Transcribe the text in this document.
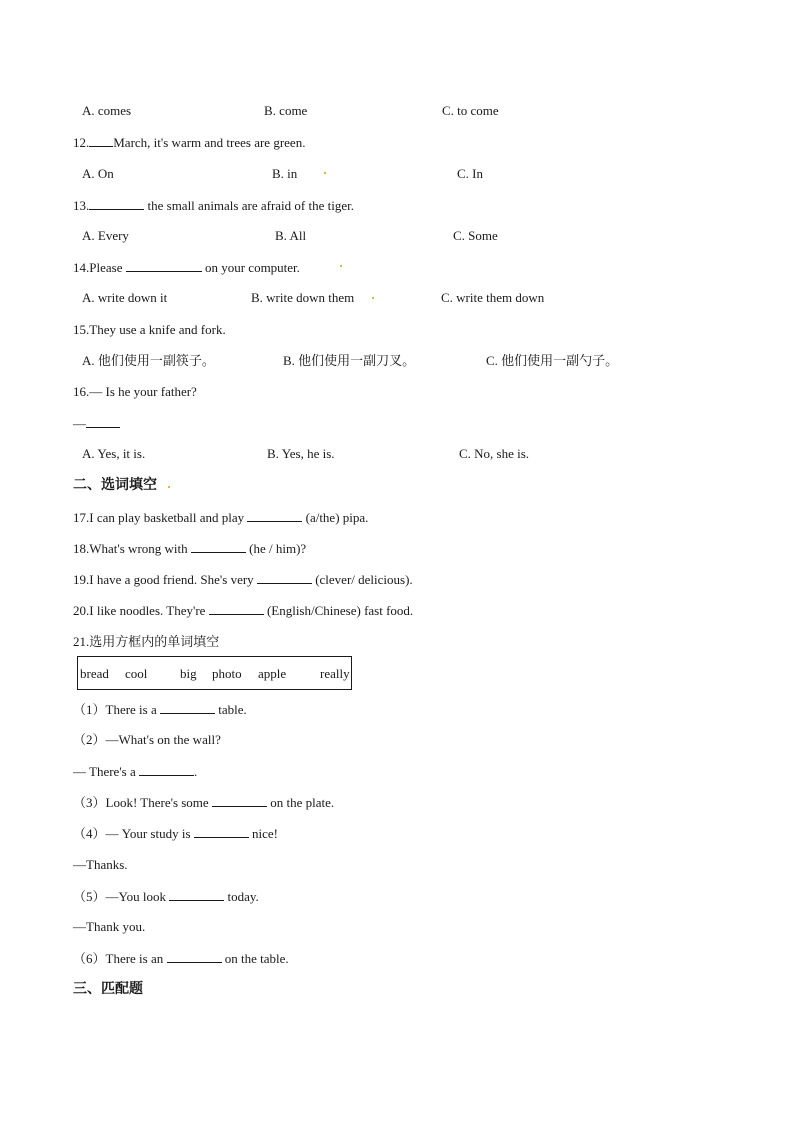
A. comes	B. come	C. to come
12. March, it's warm and trees are green.
A. On	B. in	C. In
13.	the small animals are afraid of the tiger.
A. Every	B. All	C. Some
14.Please	on your computer.
A. write down it	B. write down them	C. write them down
15.They use a knife and fork.
A. 他们使用一副筷子。	B. 他们使用一副刀叉。	C. 他们使用一副勺子。
16.— Is he your father?
—
A. Yes, it is.	B. Yes, he is.	C. No, she is.
二、选词填空
17.I can play basketball and play	(a/the) pipa.
18.What's wrong with	(he / him)?
19.I have a good friend. She's very	(clever/ delicious).
20.I like noodles. They're	(English/Chinese) fast food.
21.选用方框内的单词填空
bread cool	big photo apple	really
（1）There is a	table.
（2）—What's on the wall?
— There's a	.
（3）Look! There's some	on the plate.
（4）— Your study is	nice!
—Thanks.
（5）—You look	today.
—Thank you.
（6）There is an	on the table.
三、匹配题
